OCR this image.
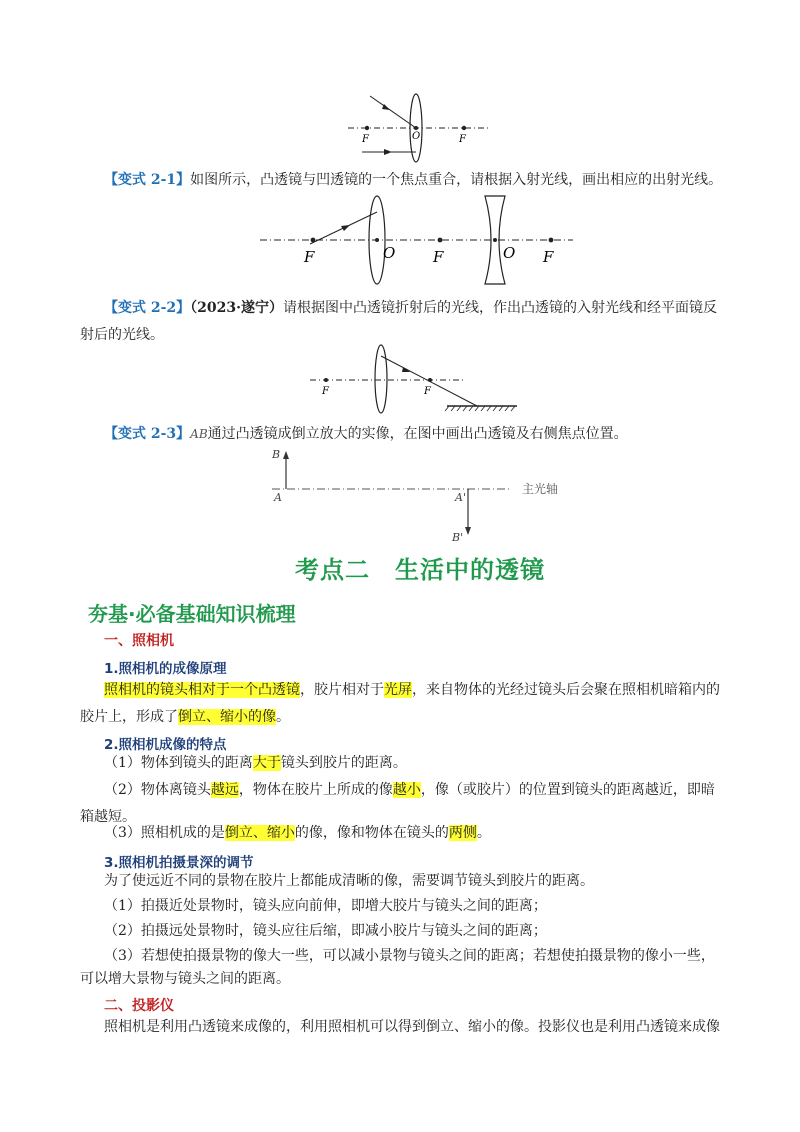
F	O	F
【变式 2-1】如图所示，凸透镜与凹透镜的一个焦点重合，请根据入射光线，画出相应的出射光线。
F	O	F	O F
【变式 2-2】（2023·遂宁）请根据图中凸透镜折射后的光线，作出凸透镜的入射光线和经平面镜反
射后的光线。
F	F
【变式 2-3】AB通过凸透镜成倒立放大的实像，在图中画出凸透镜及右侧焦点位置。
B
A	A'
B'
主光轴
考点二　生活中的透镜
夯基·必备基础知识梳理
一、照相机
1.照相机的成像原理
照相机的镜头相对于一个凸透镜，胶片相对于光屏，来自物体的光经过镜头后会聚在照相机暗箱内的
胶片上，形成了倒立、缩小的像。
2.照相机成像的特点
（1）物体到镜头的距离大于镜头到胶片的距离。
（2）物体离镜头越远，物体在胶片上所成的像越小，像（或胶片）的位置到镜头的距离越近，即暗
箱越短。
（3）照相机成的是倒立、缩小的像，像和物体在镜头的两侧。
3.照相机拍摄景深的调节
为了使远近不同的景物在胶片上都能成清晰的像，需要调节镜头到胶片的距离。
（1）拍摄近处景物时，镜头应向前伸，即增大胶片与镜头之间的距离；
（2）拍摄远处景物时，镜头应往后缩，即减小胶片与镜头之间的距离；
（3）若想使拍摄景物的像大一些，可以减小景物与镜头之间的距离；若想使拍摄景物的像小一些，
可以增大景物与镜头之间的距离。
二、投影仪
照相机是利用凸透镜来成像的，利用照相机可以得到倒立、缩小的像。投影仪也是利用凸透镜来成像
